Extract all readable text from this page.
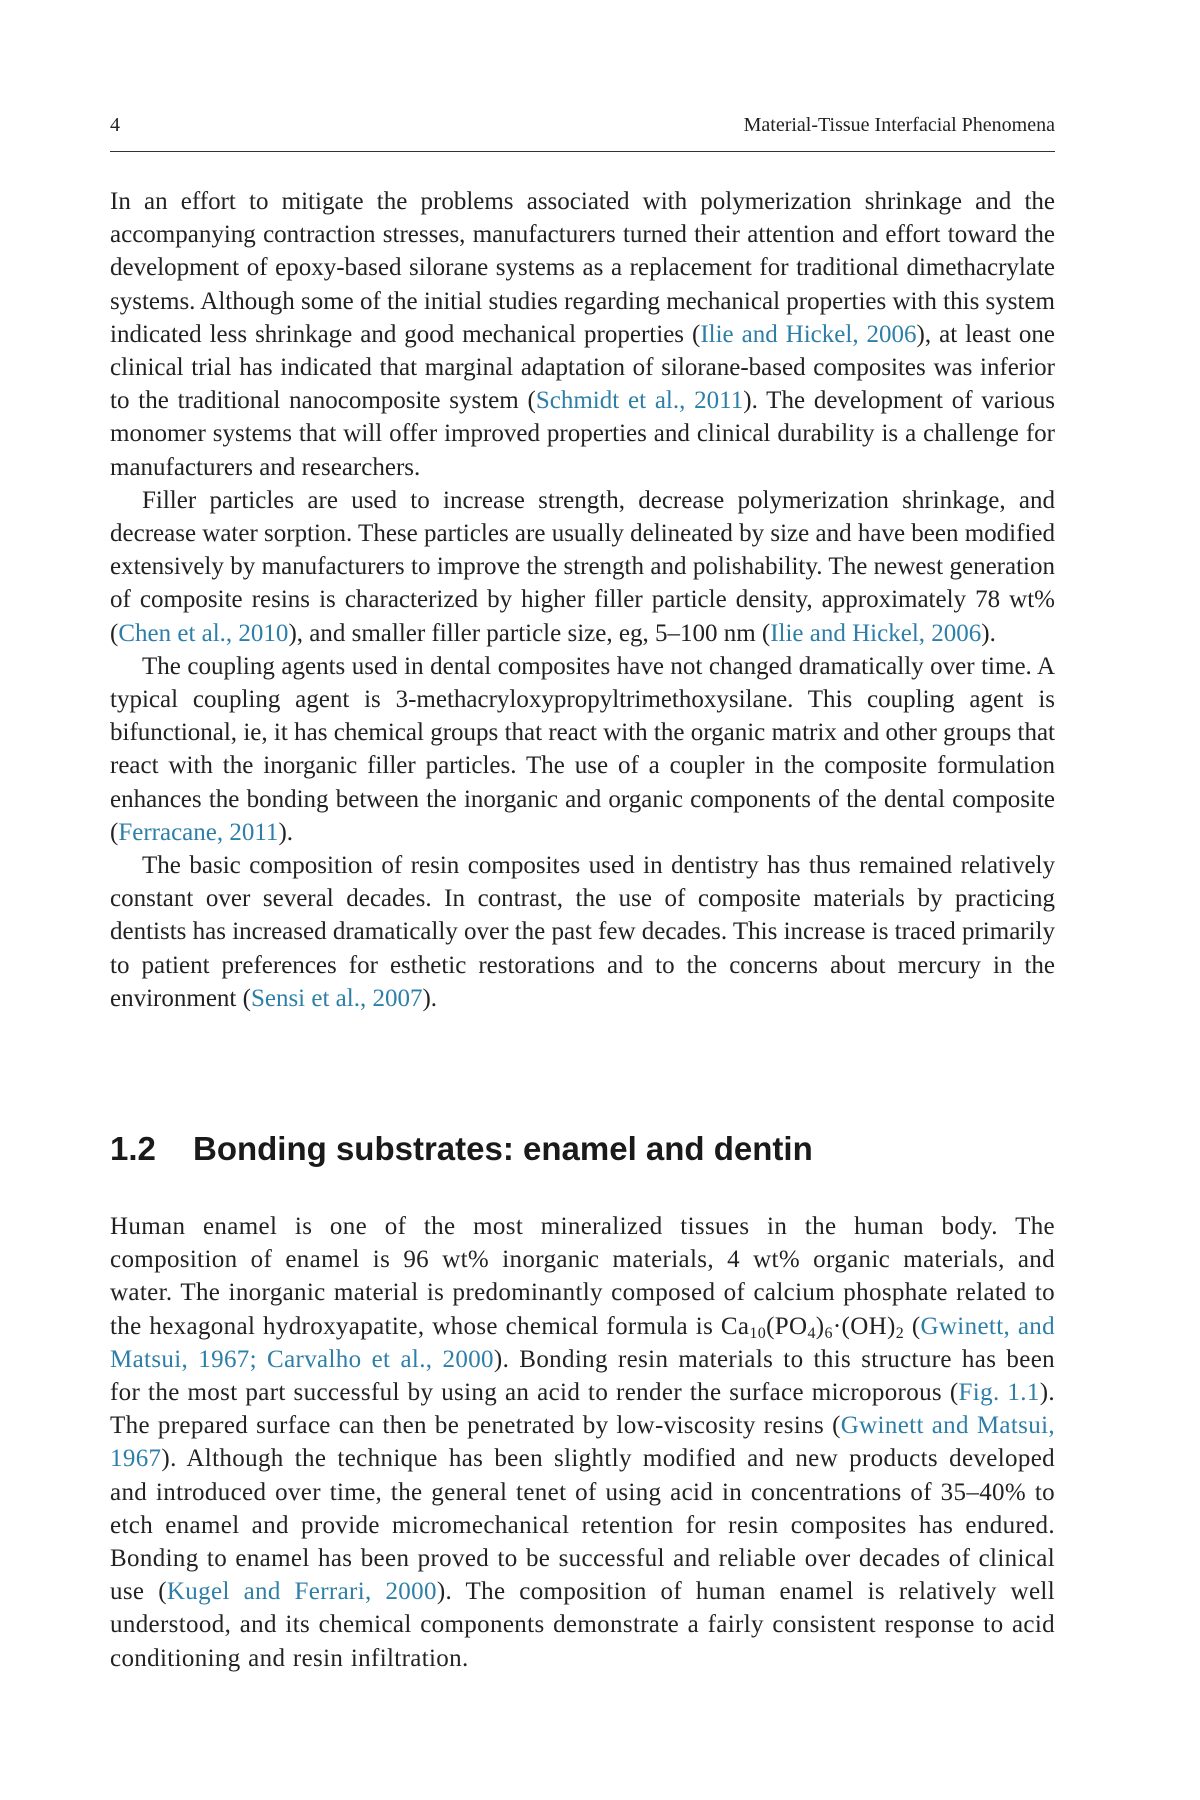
4	Material-Tissue Interfacial Phenomena

In an effort to mitigate the problems associated with polymerization shrinkage and the accompanying contraction stresses, manufacturers turned their attention and effort toward the development of epoxy-based silorane systems as a replacement for traditional dimethacrylate systems. Although some of the initial studies regarding mechanical properties with this system indicated less shrinkage and good mechanical properties (Ilie and Hickel, 2006), at least one clinical trial has indicated that marginal adaptation of silorane-based composites was inferior to the traditional nanocomposite system (Schmidt et al., 2011). The development of various monomer systems that will offer improved properties and clinical durability is a challenge for manufacturers and researchers.

Filler particles are used to increase strength, decrease polymerization shrinkage, and decrease water sorption. These particles are usually delineated by size and have been modified extensively by manufacturers to improve the strength and polishability. The newest generation of composite resins is characterized by higher filler particle density, approximately 78 wt% (Chen et al., 2010), and smaller filler particle size, eg, 5–100 nm (Ilie and Hickel, 2006).

The coupling agents used in dental composites have not changed dramatically over time. A typical coupling agent is 3-methacryloxypropyltrimethoxysilane. This coupling agent is bifunctional, ie, it has chemical groups that react with the organic matrix and other groups that react with the inorganic filler particles. The use of a coupler in the composite formulation enhances the bonding between the inorganic and organic components of the dental composite (Ferracane, 2011).

The basic composition of resin composites used in dentistry has thus remained relatively constant over several decades. In contrast, the use of composite materials by practicing dentists has increased dramatically over the past few decades. This increase is traced primarily to patient preferences for esthetic restorations and to the concerns about mercury in the environment (Sensi et al., 2007).

1.2 Bonding substrates: enamel and dentin

Human enamel is one of the most mineralized tissues in the human body. The composition of enamel is 96 wt% inorganic materials, 4 wt% organic materials, and water. The inorganic material is predominantly composed of calcium phosphate related to the hexagonal hydroxyapatite, whose chemical formula is $Ca_{10}(PO_4)_6\cdot(OH)_2$ (Gwinett, and Matsui, 1967; Carvalho et al., 2000). Bonding resin materials to this structure has been for the most part successful by using an acid to render the surface microporous (Fig. 1.1). The prepared surface can then be penetrated by low-viscosity resins (Gwinett and Matsui, 1967). Although the technique has been slightly modified and new products developed and introduced over time, the general tenet of using acid in concentrations of 35–40% to etch enamel and provide micromechanical retention for resin composites has endured. Bonding to enamel has been proved to be successful and reliable over decades of clinical use (Kugel and Ferrari, 2000). The composition of human enamel is relatively well understood, and its chemical components demonstrate a fairly consistent response to acid conditioning and resin infiltration.
